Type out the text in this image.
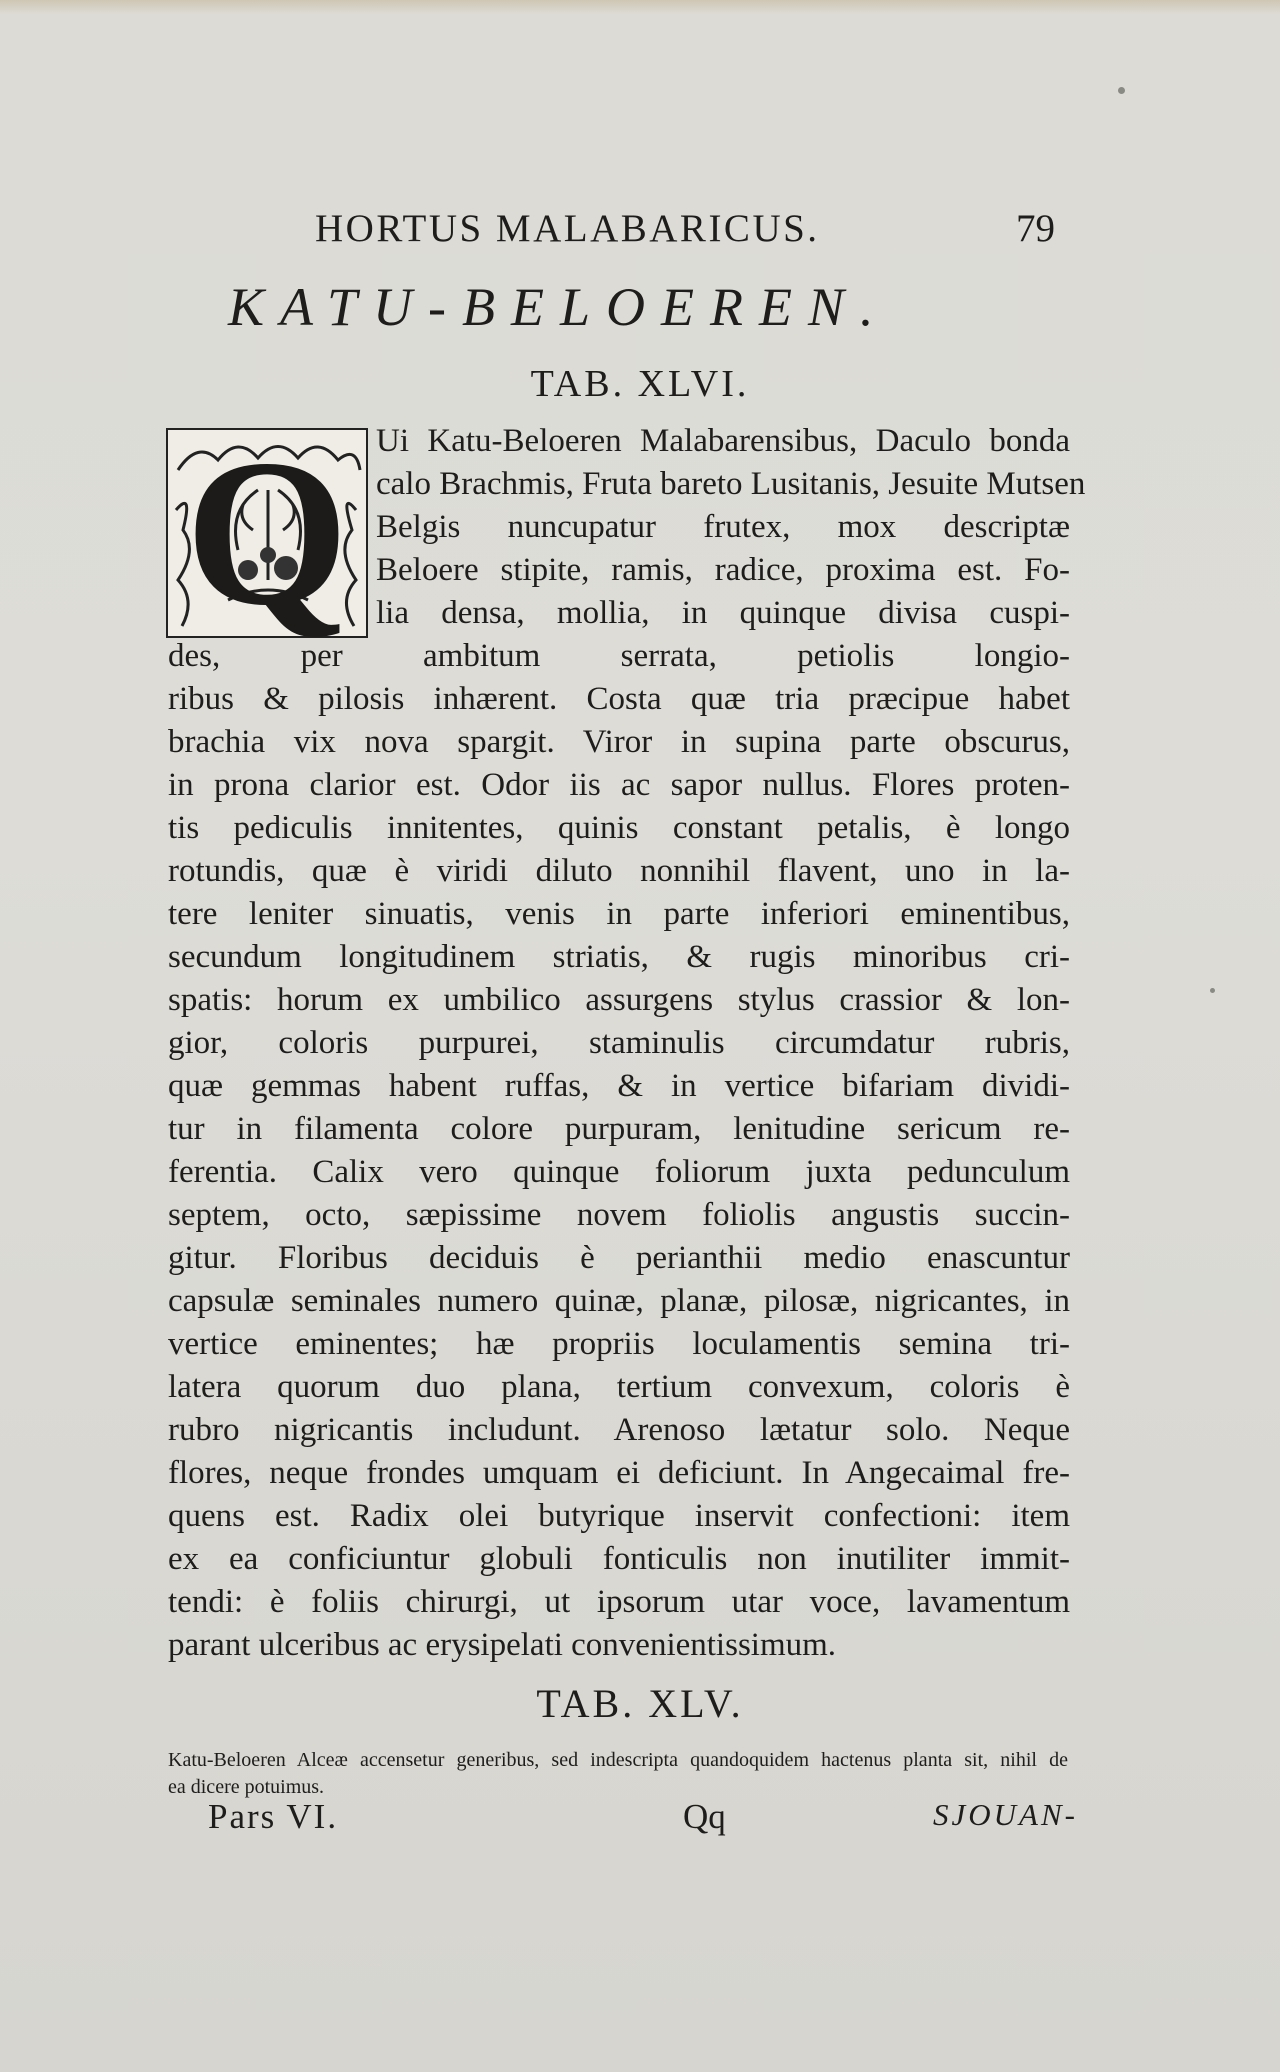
HORTUS MALABARICUS.	79
KATU-BELOEREN.
TAB. XLVI.
Q Ui Katu-Beloeren Malabarensibus, Daculo bonda
calo Brachmis, Fruta bareto Lusitanis, Jesuite Mutsen
Belgis nuncupatur frutex, mox descriptæ
Beloere stipite, ramis, radice, proxima est. Fo-
lia densa, mollia, in quinque divisa cuspi-
des, per ambitum serrata, petiolis longio-
ribus & pilosis inhærent. Costa quæ tria præcipue habet
brachia vix nova spargit. Viror in supina parte obscurus,
in prona clarior est. Odor iis ac sapor nullus. Flores proten-
tis pediculis innitentes, quinis constant petalis, è longo
rotundis, quæ è viridi diluto nonnihil flavent, uno in la-
tere leniter sinuatis, venis in parte inferiori eminentibus,
secundum longitudinem striatis, & rugis minoribus cri-
spatis: horum ex umbilico assurgens stylus crassior & lon-
gior, coloris purpurei, staminulis circumdatur rubris,
quæ gemmas habent ruffas, & in vertice bifariam dividi-
tur in filamenta colore purpuram, lenitudine sericum re-
ferentia. Calix vero quinque foliorum juxta pedunculum
septem, octo, sæpissime novem foliolis angustis succin-
gitur. Floribus deciduis è perianthii medio enascuntur
capsulæ seminales numero quinæ, planæ, pilosæ, nigricantes, in
vertice eminentes; hæ propriis loculamentis semina tri-
latera quorum duo plana, tertium convexum, coloris è
rubro nigricantis includunt. Arenoso lætatur solo. Neque
flores, neque frondes umquam ei deficiunt. In Angecaimal fre-
quens est. Radix olei butyrique inservit confectioni: item
ex ea conficiuntur globuli fonticulis non inutiliter immit-
tendi: è foliis chirurgi, ut ipsorum utar voce, lavamentum
parant ulceribus ac erysipelati convenientissimum.
TAB. XLV.
Katu-Beloeren Alceæ accensetur generibus, sed indescripta quandoquidem hactenus planta sit, nihil de
ea dicere potuimus.
Pars VI.	Qq	SJOUAN-
